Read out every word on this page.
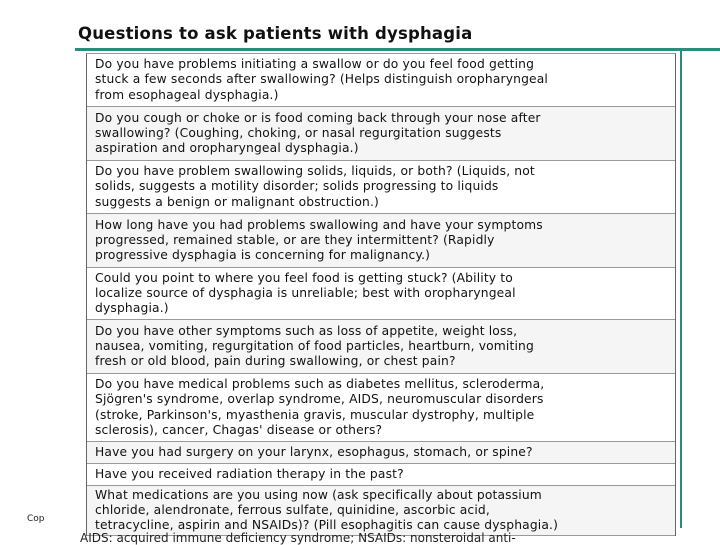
Questions to ask patients with dysphagia
Do you have problems initiating a swallow or do you feel food getting
stuck a few seconds after swallowing? (Helps distinguish oropharyngeal
from esophageal dysphagia.)
Do you cough or choke or is food coming back through your nose after
swallowing? (Coughing, choking, or nasal regurgitation suggests
aspiration and oropharyngeal dysphagia.)
Do you have problem swallowing solids, liquids, or both? (Liquids, not
solids, suggests a motility disorder; solids progressing to liquids
suggests a benign or malignant obstruction.)
How long have you had problems swallowing and have your symptoms
progressed, remained stable, or are they intermittent? (Rapidly
progressive dysphagia is concerning for malignancy.)
Could you point to where you feel food is getting stuck? (Ability to
localize source of dysphagia is unreliable; best with oropharyngeal
dysphagia.)
Do you have other symptoms such as loss of appetite, weight loss,
nausea, vomiting, regurgitation of food particles, heartburn, vomiting
fresh or old blood, pain during swallowing, or chest pain?
Do you have medical problems such as diabetes mellitus, scleroderma,
Sjögren's syndrome, overlap syndrome, AIDS, neuromuscular disorders
(stroke, Parkinson's, myasthenia gravis, muscular dystrophy, multiple
sclerosis), cancer, Chagas' disease or others?
Have you had surgery on your larynx, esophagus, stomach, or spine?
Have you received radiation therapy in the past?
What medications are you using now (ask specifically about potassium
chloride, alendronate, ferrous sulfate, quinidine, ascorbic acid,
tetracycline, aspirin and NSAIDs)? (Pill esophagitis can cause dysphagia.)
AIDS: acquired immune deficiency syndrome; NSAIDs: nonsteroidal anti-
Cop
